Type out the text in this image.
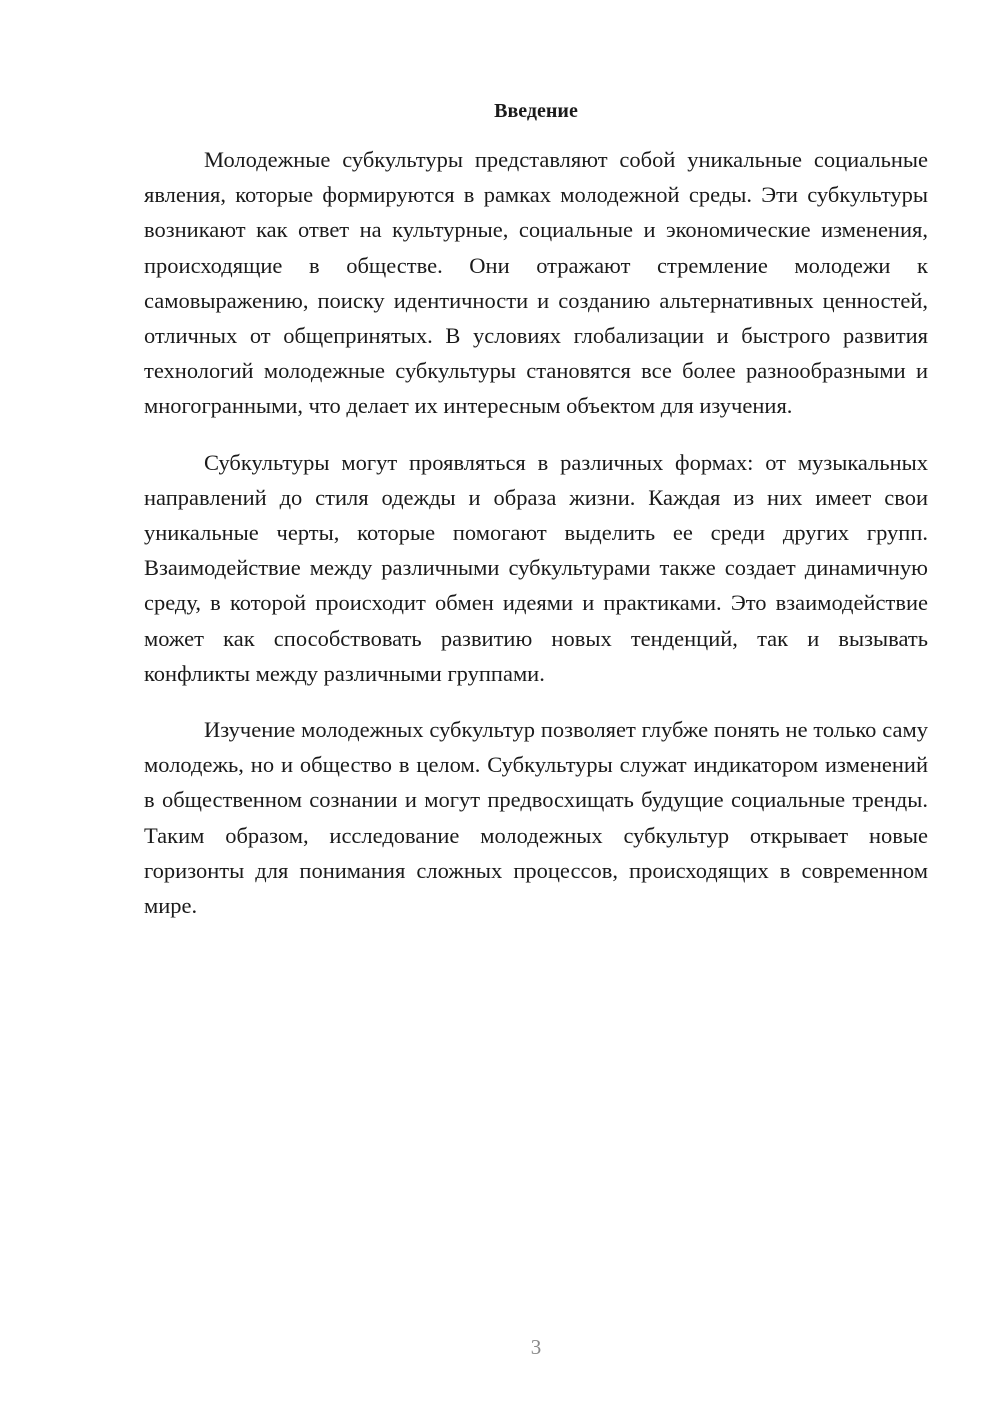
Введение

Молодежные субкультуры представляют собой уникальные социальные явления, которые формируются в рамках молодежной среды. Эти субкультуры возникают как ответ на культурные, социальные и экономические изменения, происходящие в обществе. Они отражают стремление молодежи к самовыражению, поиску идентичности и созданию альтернативных ценностей, отличных от общепринятых. В условиях глобализации и быстрого развития технологий молодежные субкультуры становятся все более разнообразными и многогранными, что делает их интересным объектом для изучения.

Субкультуры могут проявляться в различных формах: от музыкальных направлений до стиля одежды и образа жизни. Каждая из них имеет свои уникальные черты, которые помогают выделить ее среди других групп. Взаимодействие между различными субкультурами также создает динамичную среду, в которой происходит обмен идеями и практиками. Это взаимодействие может как способствовать развитию новых тенденций, так и вызывать конфликты между различными группами.

Изучение молодежных субкультур позволяет глубже понять не только саму молодежь, но и общество в целом. Субкультуры служат индикатором изменений в общественном сознании и могут предвосхищать будущие социальные тренды. Таким образом, исследование молодежных субкультур открывает новые горизонты для понимания сложных процессов, происходящих в современном мире.

3
